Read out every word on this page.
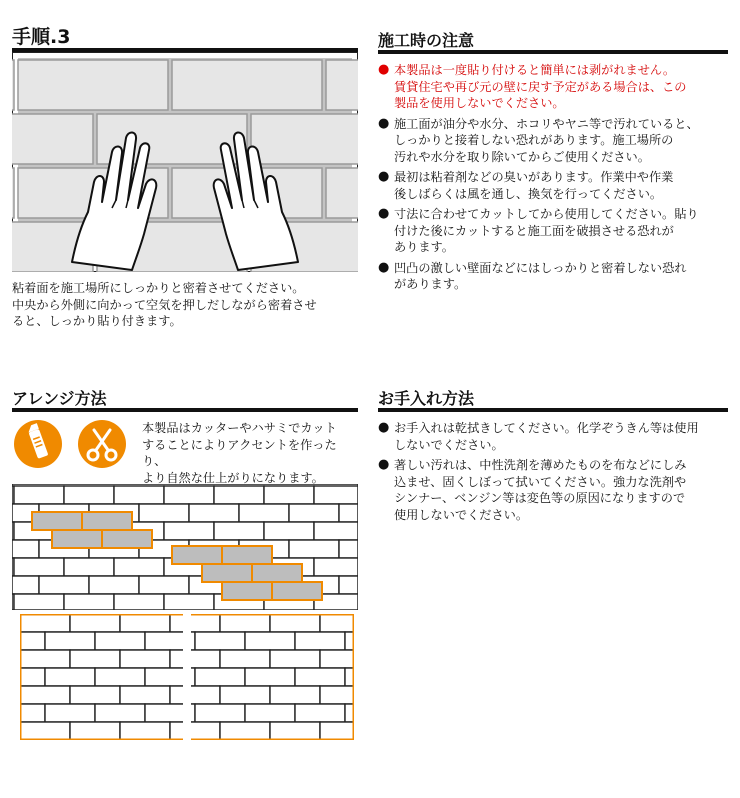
手順.3
粘着面を施工場所にしっかりと密着させてください。
中央から外側に向かって空気を押しだしながら密着させ
ると、しっかり貼り付きます。
施工時の注意
● 本製品は一度貼り付けると簡単には剥がれません。
賃貸住宅や再び元の壁に戻す予定がある場合は、この
製品を使用しないでください。
● 施工面が油分や水分、ホコリやヤニ等で汚れていると、
しっかりと接着しない恐れがあります。施工場所の
汚れや水分を取り除いてからご使用ください。
● 最初は粘着剤などの臭いがあります。作業中や作業
後しばらくは風を通し、換気を行ってください。
● 寸法に合わせてカットしてから使用してください。貼り
付けた後にカットすると施工面を破損させる恐れが
あります。
● 凹凸の激しい壁面などにはしっかりと密着しない恐れ
があります。
アレンジ方法
本製品はカッターやハサミでカット
することによりアクセントを作ったり、
より自然な仕上がりになります。
お手入れ方法
● お手入れは乾拭きしてください。化学ぞうきん等は使用
しないでください。
● 著しい汚れは、中性洗剤を薄めたものを布などにしみ
込ませ、固くしぼって拭いてください。強力な洗剤や
シンナー、ベンジン等は変色等の原因になりますので
使用しないでください。
